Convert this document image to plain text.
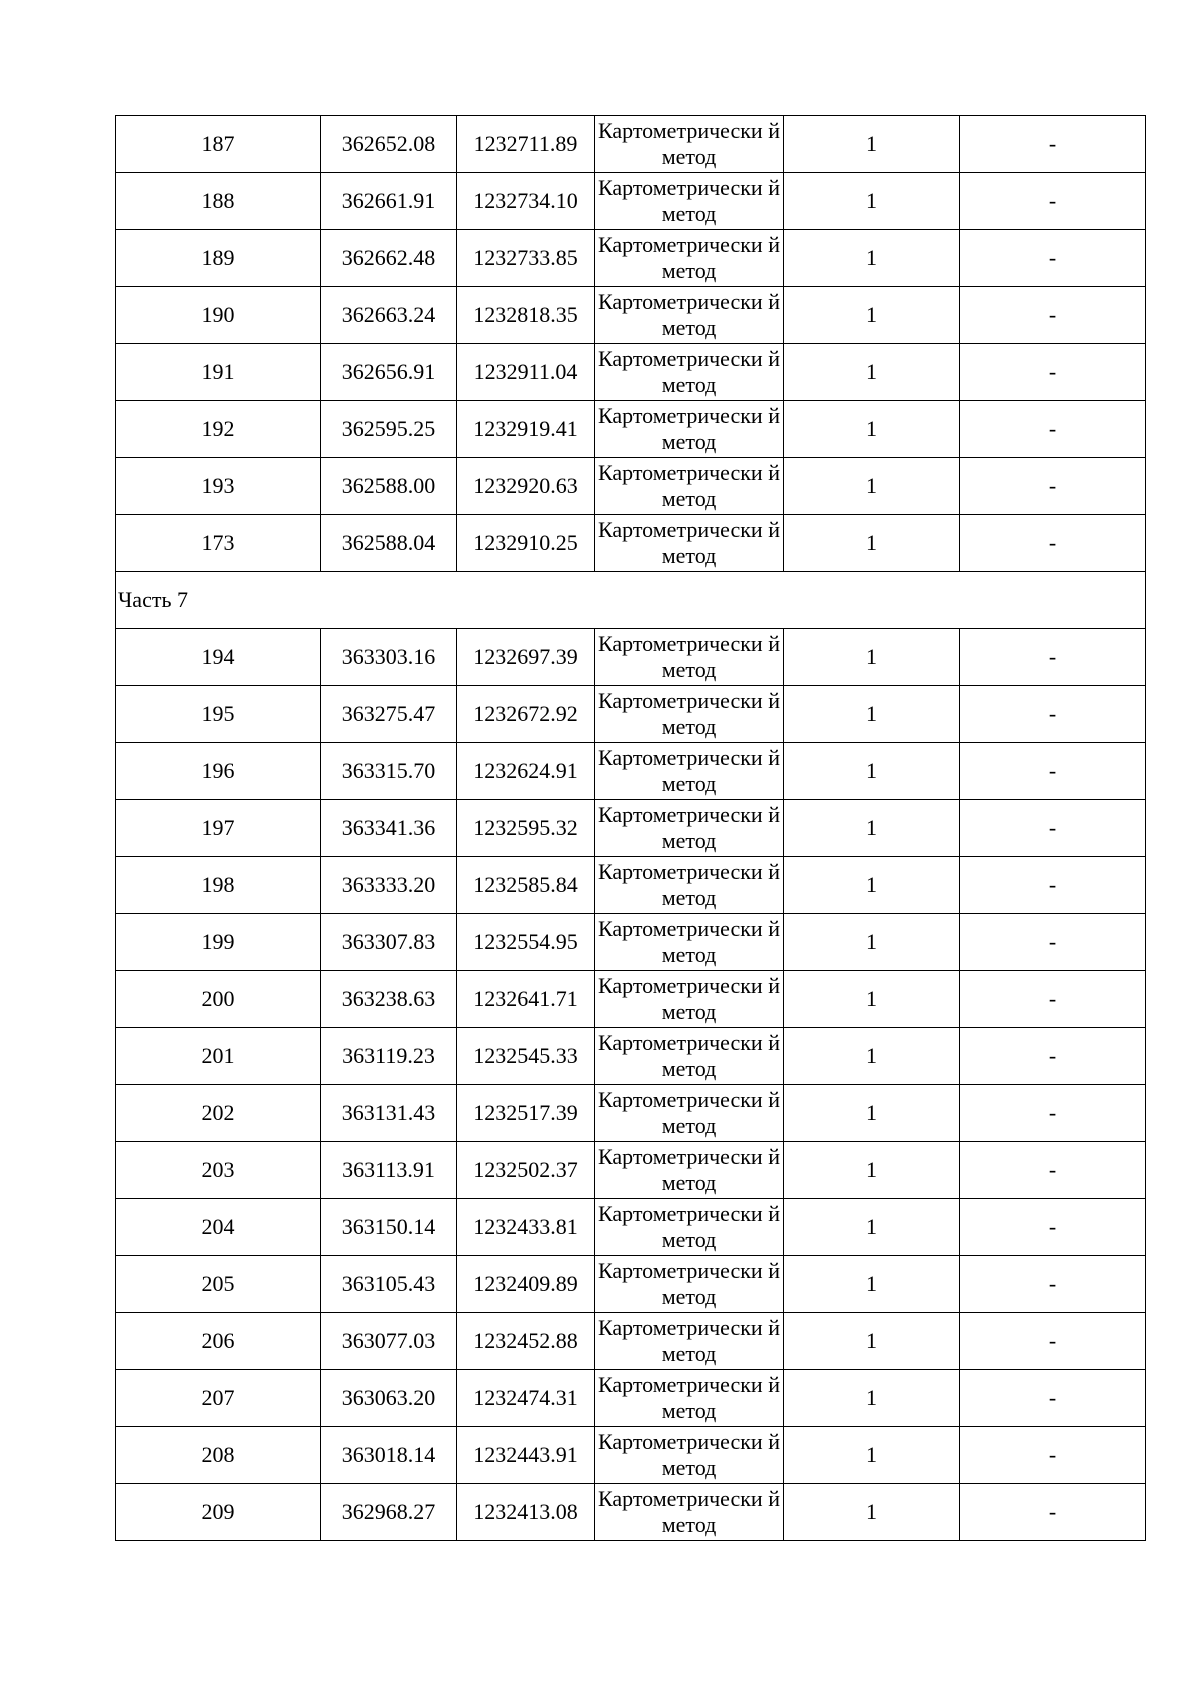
187	362652.08	1232711.89	Картометрически й метод	1	-
188	362661.91	1232734.10	Картометрически й метод	1	-
189	362662.48	1232733.85	Картометрически й метод	1	-
190	362663.24	1232818.35	Картометрически й метод	1	-
191	362656.91	1232911.04	Картометрически й метод	1	-
192	362595.25	1232919.41	Картометрически й метод	1	-
193	362588.00	1232920.63	Картометрически й метод	1	-
173	362588.04	1232910.25	Картометрически й метод	1	-
Часть 7					
194	363303.16	1232697.39	Картометрически й метод	1	-
195	363275.47	1232672.92	Картометрически й метод	1	-
196	363315.70	1232624.91	Картометрически й метод	1	-
197	363341.36	1232595.32	Картометрически й метод	1	-
198	363333.20	1232585.84	Картометрически й метод	1	-
199	363307.83	1232554.95	Картометрически й метод	1	-
200	363238.63	1232641.71	Картометрически й метод	1	-
201	363119.23	1232545.33	Картометрически й метод	1	-
202	363131.43	1232517.39	Картометрически й метод	1	-
203	363113.91	1232502.37	Картометрически й метод	1	-
204	363150.14	1232433.81	Картометрически й метод	1	-
205	363105.43	1232409.89	Картометрически й метод	1	-
206	363077.03	1232452.88	Картометрически й метод	1	-
207	363063.20	1232474.31	Картометрически й метод	1	-
208	363018.14	1232443.91	Картометрически й метод	1	-
209	362968.27	1232413.08	Картометрически й метод	1	-
